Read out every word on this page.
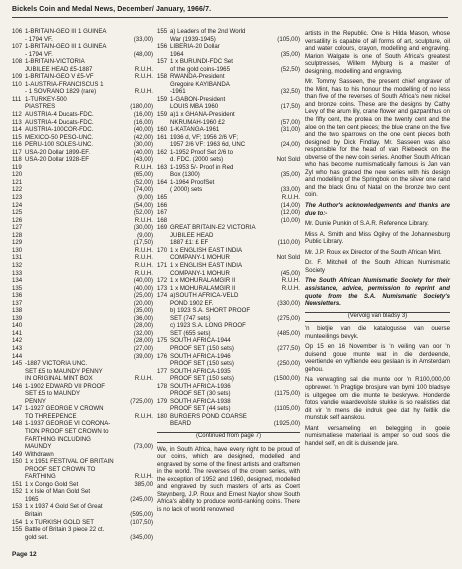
Bickels Coin and Medal News, December/ January, 1966/7.
106 1-BRITAIN-GEO III 1 GUINEA
- 1794 VF.	(33,00)
107 1-BRITAIN-GEO III 1 GUINEA
- 1794 VF.	(48,00)
108 1-BRITAIN-VICTORIA
JUBILEE HEAD £5-1887	R.U.H.
109 1-BRITAIN-GEO V £5-VF	R.U.H.
110 1-AUSTRIA-FRANCISCUS 1
- 1 SOVRANO 1829 (rare)	R.U.H.
111 1-TURKEY-500
PIASTRES	(180,00)
112 AUSTRIA-4 Ducats-FDC.	(16,00)
113 AUSTRIA-4 Ducats-FDC.	(16,00)
114 AUSTRIA-100COR-FDC.	(40,00)
115 MEXICO-50 PESO-UNC.	(42,00)
116 PERU-100 SOLES-UNC.	(30,00)
117 USA-20 Dollar 1899-EF.	(40,00)
118 USA-20 Dollar 1928-EF	(43,00)
119	R.U.H.
120	(65,00)
121	(52,00)
122	(74,00)
123	(9,00)
124	(54,00)
125	(52,00)
126	R.U.H.
127	(30,00)
128	(9,00)
129	(17,50)
130	R.U.H.
131	R.U.H.
132	R.U.H.
133	R.U.H.
134	(40,00)
135	(40,00)
136	(25,00)
137	(20,00)
138	(35,00)
139	(36,00)
140	(28,00)
141	(32,00)
142	(28,00)
143	(27,00)
144	(39,00)
145 -1887 VICTORIA UNC.
SET £5 to MAUNDY PENNY
IN ORIGINAL MINT BOX	R.U.H.
146 1-1902 EDWARD VII PROOF
SET £5 to MAUNDY
PENNY	(725,00)
147 1-1927 GEORGE V CROWN
TO THREEPENCE	R.U.H.
148 1-1937 GEORGE VI CORONA-
TION PROOF SET CROWN to
FARTHING INCLUDING
MAUNDY	(73,00)
149 Withdrawn
150 1 x 1951 FESTIVAL OF BRITAIN
PROOF SET CROWN TO
FARTHING	R.U.H.
151 1 x Congo Gold Set	385,00
152 1 x Isle of Man Gold Set
1965	(245,00)
153 1 x 1937 4 Gold Set of Great
Britain	(595,00)
154 1 x TURKISH GOLD SET	(107,50)
155 Battle of Britain 3 piece 22 ct.
gold set.	(345,00)
155 a) Leaders of the 2nd World
War (1939-1945)	(105,00)
156 LIBERIA-20 Dollar
1964	(35,00)
157 1 x BURUNDI-FDC Set
of the gold coins-1965	(52,50)
158 RWANDA-President
Gregoire KAYIBANDA
-1961	(32,50)
159 1-GABON-President
LOUIS MBA 1960	(17,50)
159 a)1 x GHANA-President
NKRUMAH-1960 £2	(57,00)
160 1-KATANGA-1961	(31,00)
161 1936 d, VF; 1956 2/6 VF;
1957 2/6 VF: 1963 6d, UNC	(24,00)
162 1-1952 Proof Set 2/6 to
d. FDC. (2000 sets)	Not Sold
163 1-1953 5/- Proof in Red
Box (1300)	(35,00)
164 1-1964 ProofSet
( 2000) sets	(33,00)
165	R.U.H.
166	(14,00)
167	(12,00)
168	(10,00)
169 GREAT BRITAIN-E2 VICTORIA
JUBILEE HEAD
1887 £1: £ EF	(110,00)
170 1 x ENGLISH EAST INDIA
COMPANY-1 MOHUR	Not Sold
171 1 x ENGLISH EAST INDIA
COMPANY-1 MOHUR	(45,00)
172 1 x MOHURALAMGIR II	R.U.H.
173 1 x MOHURALAMGIR II	R.U.H.
174 a)SOUTH AFRICA-VELD
POND 1902 EF.	(330,00)
b) 1923 S.A. SHORT PROOF
SET (747 sets)	(275,00)
c) 1923 S.A. LONG PROOF
SET (655 sets)	(485,00)
175 SOUTH AFRICA-1944
PROOF SET (150 sets)	(277,50)
176 SOUTH AFRICA-1946
PROOF SET (150 sets)	(250,00)
177 SOUTH AFRICA-1935
PROOF SET (150 sets)	(1500,00)
178 SOUTH AFRICA-1936
PROOF SET (30 sets)	(1175,00)
179 SOUTH AFRICA-1938
PROOF SET (44 sets)	(1105,00)
180 BURGERS POND COARSE
BEARD	(1925,00)
(Continued from page 7)

We, in South Africa, have every right to be proud of our coins, which are designed, modelled and engraved by some of the finest artists and craftsmen in the world. The reverses of the crown series, with the exception of 1952 and 1960, designed, modelled and engraved by such masters of arts as Coert Steynberg, J.P. Roux and Ernest Naylor show South Africa's ability to produce world-ranking coins. There is no lack of world renowned

artists in the Republic. One is Hilda Mason, whose versatility is capable of all forms of art, sculpture, oil and water colours, crayon, modelling and engraving. Marion Walgate is one of South Africa's greatest sculptresses, Willem Myburg is a master of designing, modelling and engraving.

Mr. Tommy Sasseen, the present chief engraver of the Mint, has to his honour the modelling of no less than five of the reverses of South Africa's new nickel and bronze coins. These are the designs by Cathy Levy of the arum lily, crane flower and gazpanthus on the fifty cent, the protea on the twenty cent and the aloe on the ten cent pieces; the blue crane on the five and the two sparrows on the one cent pieces both designed by Dick Findlay. Mr. Sasseen was also responsible for the head of van Riebeeck on the obverse of the new coin series. Another South African who has become numismatically famous is Jan van Zyl who has graced the new series with his design and modelling of the Springbok on the silver one rand and the black Gnu of Natal on the bronze two cent coin.

The Author's acknowledgements and thanks are due to:-

Mr. Dunie Punkin of S.A.R. Reference Library.

Miss A. Smith and Miss Ogilvy of the Johannesburg Public Library.

Mr. J.P. Roux ex Director of the South African Mint.

Dr. F. Mitchell of the South African Numismatic Society

The South African Numismatic Society for their assistance, advice, permission to reprint and quote from the S.A. Numismatic Society's Newsletters.

(Vervolg van bladsy 3)

'n bietjie van die katalogusse van ouerse munteeilings bevyk.

Op 15 en 16 November is 'n veiling van oor 'n duisend goue munte wat in die derdeende, veertiende en vyftiende eeu geslaan is in Amsterdam gehou.

Na verwagting sal die munte oor 'n R100,000,00 opbrewer. 'n Pragtige brosjure van bymi 100 bladsye is uitgegee om die munte te beskrywe. Honderde fotos vandie waardevolste stukke is so realisties dat dit vir 'n mens die indruk gee dat hy feitlik die munstuk self aanskou.

Mant versameling en belegging in goeie numismatiese materiaal is amper so oud soos die handel self, en dit is duisende jare.

Page 12
